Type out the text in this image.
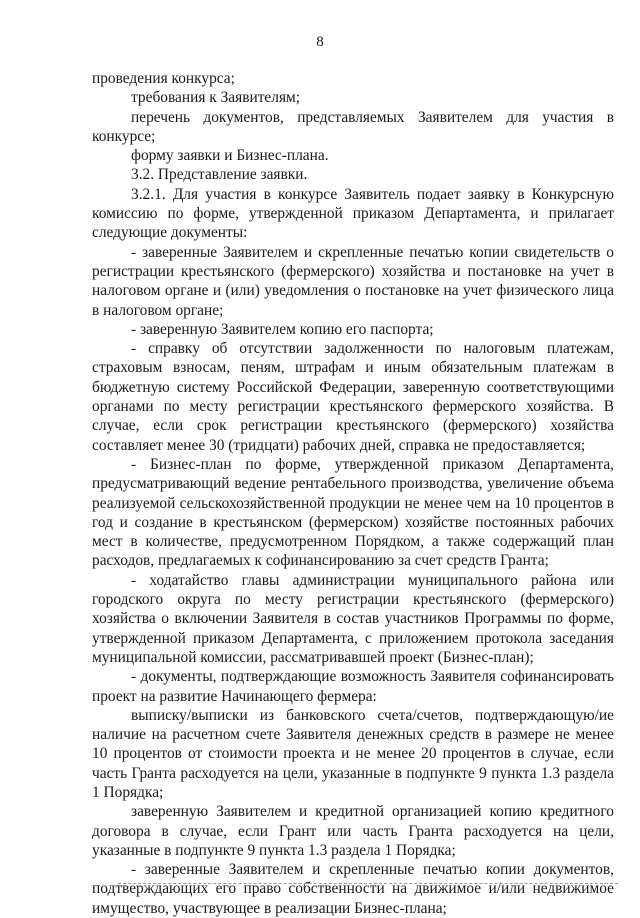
8

проведения конкурса;

требования к Заявителям;

перечень документов, представляемых Заявителем для участия в конкурсе;

форму заявки и Бизнес-плана.

3.2. Представление заявки.

3.2.1. Для участия в конкурсе Заявитель подает заявку в Конкурсную комиссию по форме, утвержденной приказом Департамента, и прилагает следующие документы:

- заверенные Заявителем и скрепленные печатью копии свидетельств о регистрации крестьянского (фермерского) хозяйства и постановке на учет в налоговом органе и (или) уведомления о постановке на учет физического лица в налоговом органе;

- заверенную Заявителем копию его паспорта;

- справку об отсутствии задолженности по налоговым платежам, страховым взносам, пеням, штрафам и иным обязательным платежам в бюджетную систему Российской Федерации, заверенную соответствующими органами по месту регистрации крестьянского фермерского хозяйства. В случае, если срок регистрации крестьянского (фермерского) хозяйства составляет менее 30 (тридцати) рабочих дней, справка не предоставляется;

- Бизнес-план по форме, утвержденной приказом Департамента, предусматривающий ведение рентабельного производства, увеличение объема реализуемой сельскохозяйственной продукции не менее чем на 10 процентов в год и создание в крестьянском (фермерском) хозяйстве постоянных рабочих мест в количестве, предусмотренном Порядком, а также содержащий план расходов, предлагаемых к софинансированию за счет средств Гранта;

- ходатайство главы администрации муниципального района или городского округа по месту регистрации крестьянского (фермерского) хозяйства о включении Заявителя в состав участников Программы по форме, утвержденной приказом Департамента, с приложением протокола заседания муниципальной комиссии, рассматривавшей проект (Бизнес-план);

- документы, подтверждающие возможность Заявителя софинансировать проект на развитие Начинающего фермера:

выписку/выписки из банковского счета/счетов, подтверждающую/ие наличие на расчетном счете Заявителя денежных средств в размере не менее 10 процентов от стоимости проекта и не менее 20 процентов в случае, если часть Гранта расходуется на цели, указанные в подпункте 9 пункта 1.3 раздела 1 Порядка;

заверенную Заявителем и кредитной организацией копию кредитного договора в случае, если Грант или часть Гранта расходуется на цели, указанные в подпункте 9 пункта 1.3 раздела 1 Порядка;

- заверенные Заявителем и скрепленные печатью копии документов, подтверждающих его право собственности на движимое и/или недвижимое имущество, участвующее в реализации Бизнес-плана;
